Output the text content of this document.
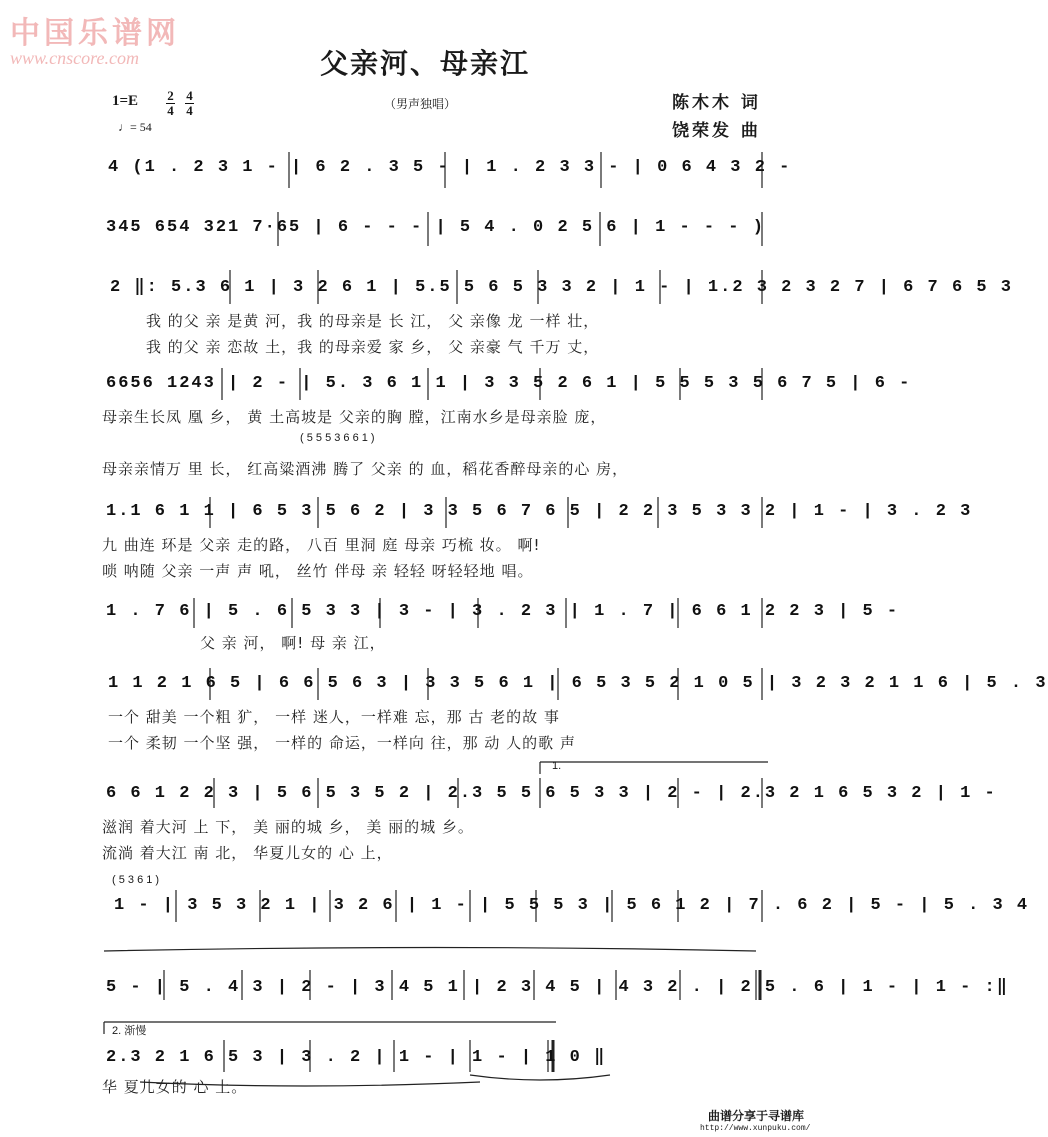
中国乐谱网
www.cnscore.com	父亲河、母亲江
（男声独唱）	陈木木 词
饶荣发 曲
1=E 2
4
4
4
♩= 54
4 (1 . 2 3 1 - | 6 2 . 3 5 - | 1 . 2 3 3 - | 0 6 4 3 2 -
345 654 321 7·65 | 6 - - - | 5 4 . 0 2 5 6 | 1 - - - )
2 ‖: 5.3 6 1 | 3 2 6 1 | 5.5 5 6 5 3 3 2 | 1 - | 1.2 3 2 3 2 7 | 6 7 6 5 3
我 的父 亲 是黄 河，我 的母亲是 长 江， 父 亲像 龙 一样 壮，
我 的父 亲 恋故 土，我 的母亲爱 家 乡， 父 亲豪 气 千万 丈，
6656 1243 | 2 - | 5. 3 6 1 1 | 3 3 5 2 6 1 | 5 5 5 3 5 6 7 5 | 6 -
母亲生长凤 凰 乡， 黄 土高坡是 父亲的胸 膛，江南水乡是母亲脸 庞，
( 5 5 5 3 6 6 1 )
母亲亲情万 里 长， 红高粱酒沸 腾了 父亲 的 血，稻花香醉母亲的心 房，
1.1 6 1 1 | 6 5 3 5 6 2 | 3 3 5 6 7 6 5 | 2 2 3 5 3 3 2 | 1 - | 3 . 2 3
九 曲连 环是 父亲 走的路， 八百 里洞 庭 母亲 巧梳 妆。 啊!
唢 呐随 父亲 一声 声 吼， 丝竹 伴母 亲 轻轻 呀轻轻地 唱。
1 . 7 6 | 5 . 6 5 3 3 | 3 - | 3 . 2 3 | 1 . 7 | 6 6 1 2 2 3 | 5 -
父 亲 河， 啊! 母 亲 江，
1 1 2 1 6 5 | 6 6 5 6 3 | 3 3 5 6 1 | 6 5 3 5 2 1 0 5 | 3 2 3 2 1 1 6 | 5 . 3
一个 甜美 一个粗 犷， 一样 迷人，一样难 忘，那 古 老的故 事
一个 柔韧 一个坚 强， 一样的 命运，一样向 往，那 动 人的歌 声
1.
6 6 1 2 2 3 | 5 6 5 3 5 2 | 2.3 5 5 6 5 3 3 | 2 - | 2.3 2 1 6 5 3 2 | 1 -
滋润 着大河 上 下， 美 丽的城 乡， 美 丽的城 乡。
流淌 着大江 南 北， 华夏儿女的 心 上，
( 5 3 6 1 )
1 - | 3 5 3 2 1 | 3 2 6 | 1 - | 5 5 5 3 | 5 6 1 2 | 7 . 6 2 | 5 - | 5 . 3 4
5 - | 5 . 4 3 | 2 - | 3 4 5 1 | 2 3 4 5 | 4 3 2 . | 2 5 . 6 | 1 - | 1 - :‖
2. 渐慢
2.3 2 1 6 5 3 | 3 . 2 | 1 - | 1 - | 1 0 ‖
华 夏儿女的 心 上。
曲谱分享于寻谱库
http://www.xunpuku.com/
